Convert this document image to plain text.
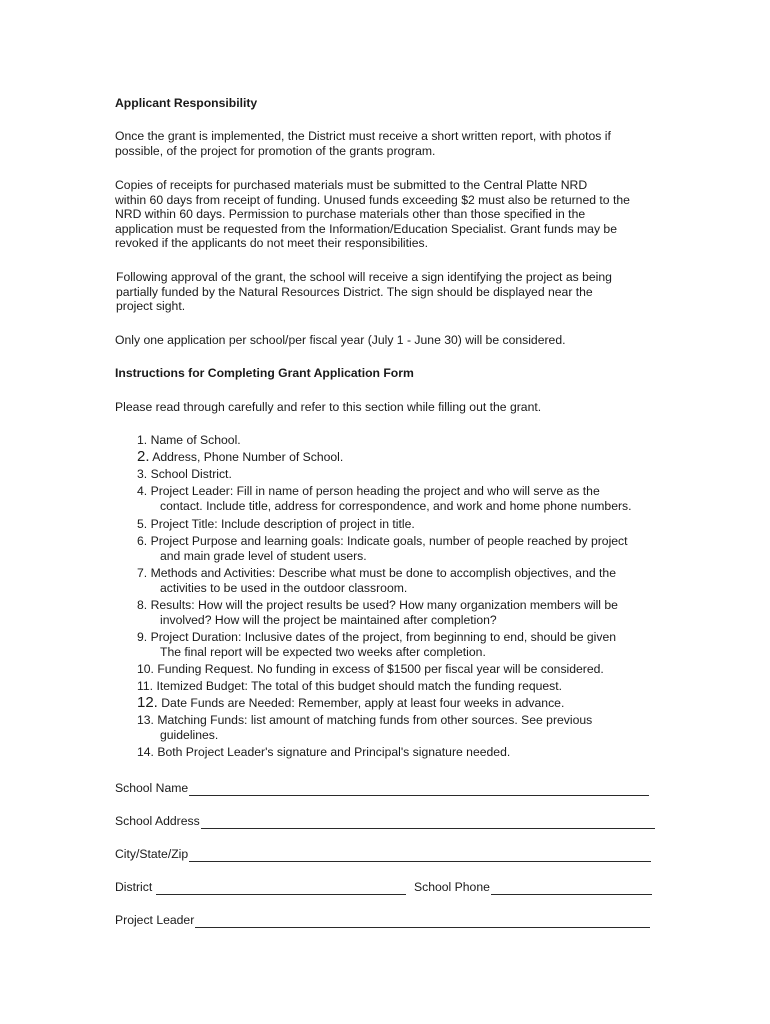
Applicant Responsibility
Once the grant is implemented, the District must receive a short written report, with photos if
possible, of the project for promotion of the grants program.
Copies of receipts for purchased materials must be submitted to the Central Platte NRD
within 60 days from receipt of funding. Unused funds exceeding $2 must also be returned to the
NRD within 60 days. Permission to purchase materials other than those specified in the
application must be requested from the Information/Education Specialist. Grant funds may be
revoked if the applicants do not meet their responsibilities.
Following approval of the grant, the school will receive a sign identifying the project as being
partially funded by the Natural Resources District. The sign should be displayed near the
project sight.
Only one application per school/per fiscal year (July 1 - June 30) will be considered.
Instructions for Completing Grant Application Form
Please read through carefully and refer to this section while filling out the grant.
1. Name of School.
2. Address, Phone Number of School.
3. School District.
4. Project Leader: Fill in name of person heading the project and who will serve as the
contact. Include title, address for correspondence, and work and home phone numbers.
5. Project Title: Include description of project in title.
6. Project Purpose and learning goals: Indicate goals, number of people reached by project
and main grade level of student users.
7. Methods and Activities: Describe what must be done to accomplish objectives, and the
activities to be used in the outdoor classroom.
8. Results: How will the project results be used? How many organization members will be
involved? How will the project be maintained after completion?
9. Project Duration: Inclusive dates of the project, from beginning to end, should be given
The final report will be expected two weeks after completion.
10. Funding Request. No funding in excess of $1500 per fiscal year will be considered.
11. Itemized Budget: The total of this budget should match the funding request.
12. Date Funds are Needed: Remember, apply at least four weeks in advance.
13. Matching Funds: list amount of matching funds from other sources. See previous
guidelines.
14. Both Project Leader's signature and Principal's signature needed.
School Name
School Address
City/State/Zip
District	School Phone
Project Leader
